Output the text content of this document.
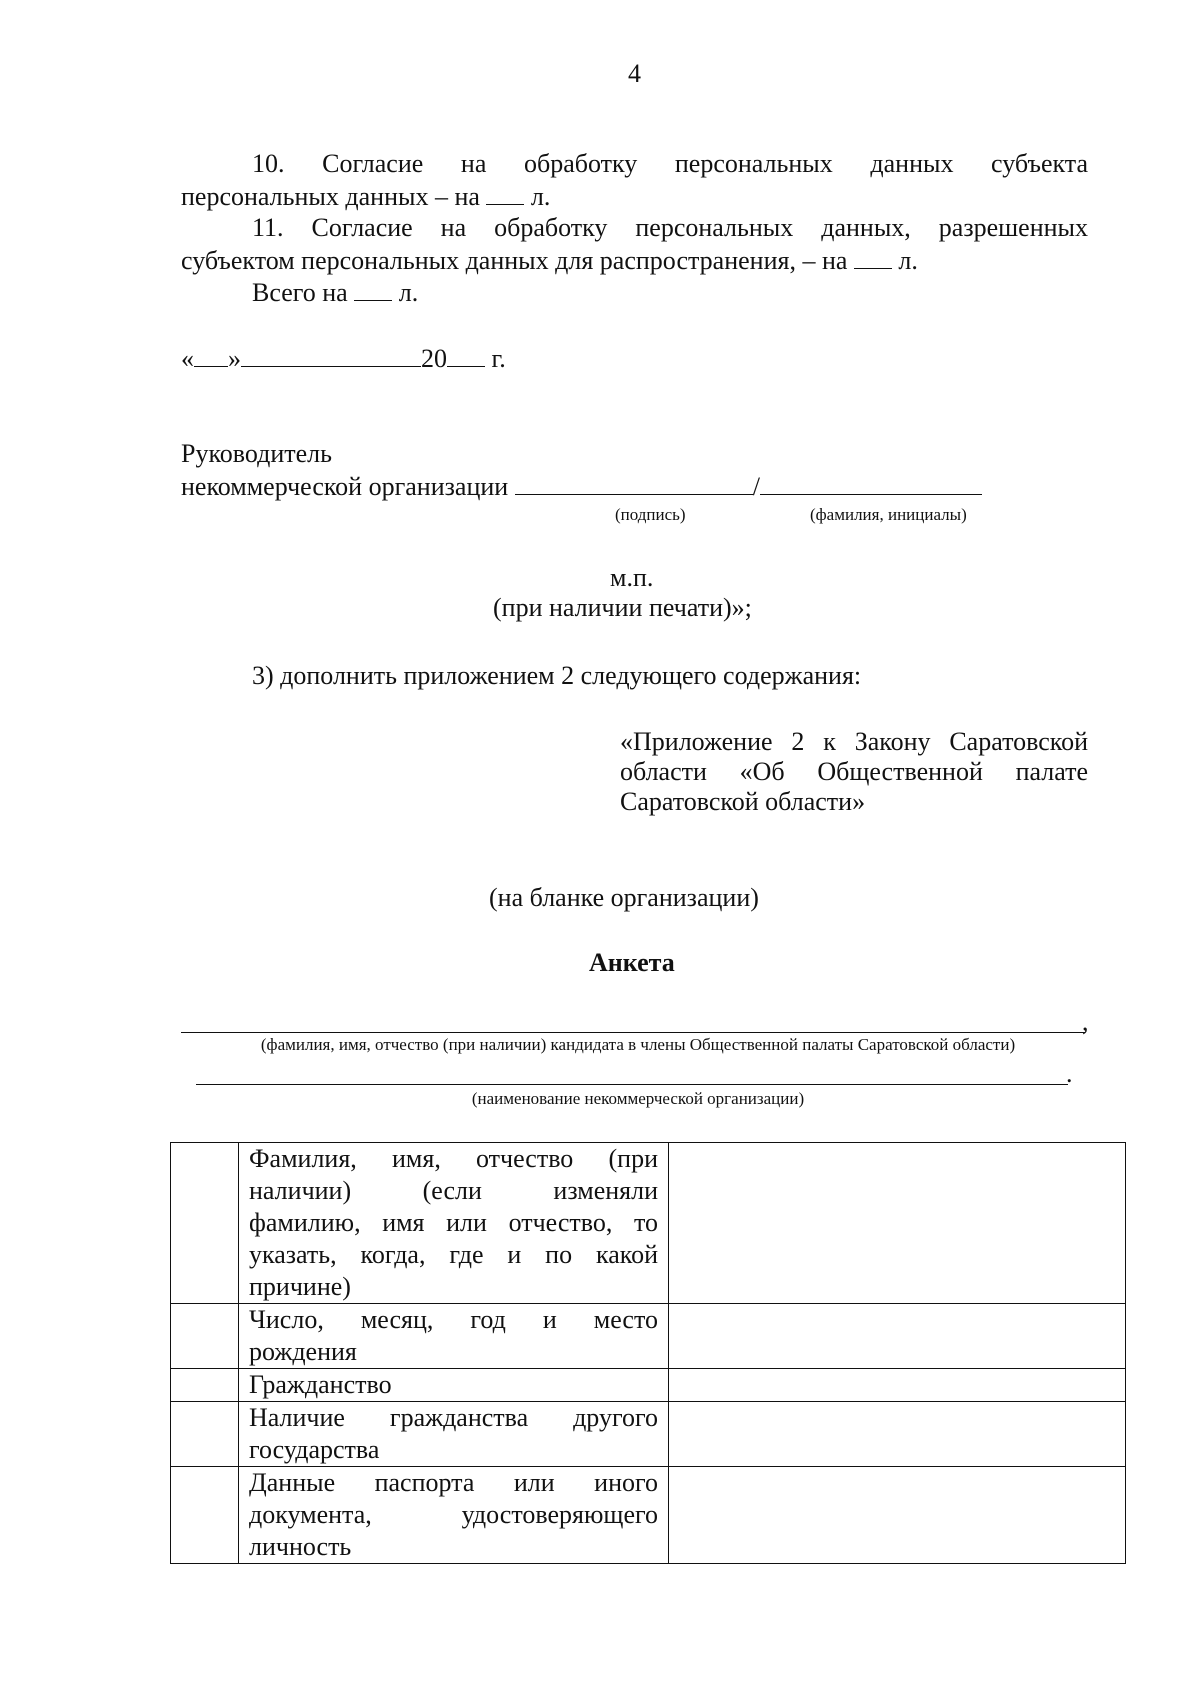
4
10. Согласие на обработку персональных данных субъекта
персональных данных – на л.
11. Согласие на обработку персональных данных, разрешенных
субъектом персональных данных для распространения, – на л.
Всего на л.
« »	20 г.
Руководитель
некоммерческой организации	/
(подпись)	(фамилия, инициалы)
м.п.
(при наличии печати)»;
3) дополнить приложением 2 следующего содержания:
«Приложение 2 к Закону Саратовской
области «Об Общественной палате
Саратовской области»
(на бланке организации)
Анкета
,
(фамилия, имя, отчество (при наличии) кандидата в члены Общественной палаты Саратовской области)
.
(наименование некоммерческой организации)

	Фамилия, имя, отчество (при
наличии) (если изменяли
фамилию, имя или отчество, то
указать, когда, где и по какой
причине)	

	Число, месяц, год и место
рождения	

	Гражданство	

	Наличие гражданства другого
государства	

	Данные паспорта или иного
документа, удостоверяющего
личность	
